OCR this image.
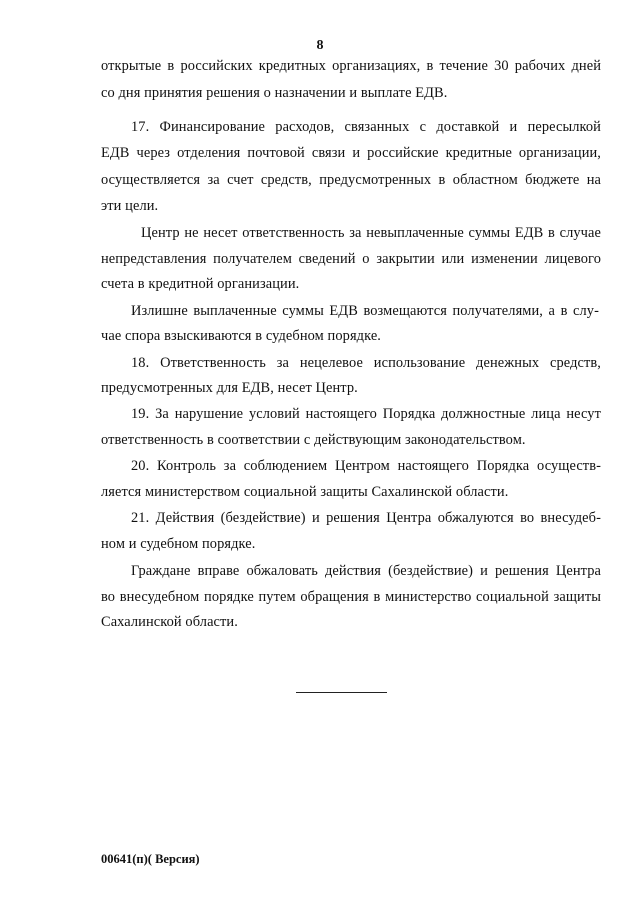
8
открытые в российских кредитных организациях, в течение 30 рабочих дней
со дня принятия решения о назначении и выплате ЕДВ.
17. Финансирование расходов, связанных с доставкой и пересылкой
ЕДВ через отделения почтовой связи и российские кредитные организации,
осуществляется за счет средств, предусмотренных в областном бюджете на
эти цели.
Центр не несет ответственность за невыплаченные суммы ЕДВ в случае
непредставления получателем сведений о закрытии или изменении лицевого
счета в кредитной организации.
Излишне выплаченные суммы ЕДВ возмещаются получателями, а в слу-
чае спора взыскиваются в судебном порядке.
18. Ответственность за нецелевое использование денежных средств,
предусмотренных для ЕДВ, несет Центр.
19. За нарушение условий настоящего Порядка должностные лица несут
ответственность в соответствии с действующим законодательством.
20. Контроль за соблюдением Центром настоящего Порядка осуществ-
ляется министерством социальной защиты Сахалинской области.
21. Действия (бездействие) и решения Центра обжалуются во внесудеб-
ном и судебном порядке.
Граждане вправе обжаловать действия (бездействие) и решения Центра
во внесудебном порядке путем обращения в министерство социальной защиты
Сахалинской области.
00641(п)( Версия)
